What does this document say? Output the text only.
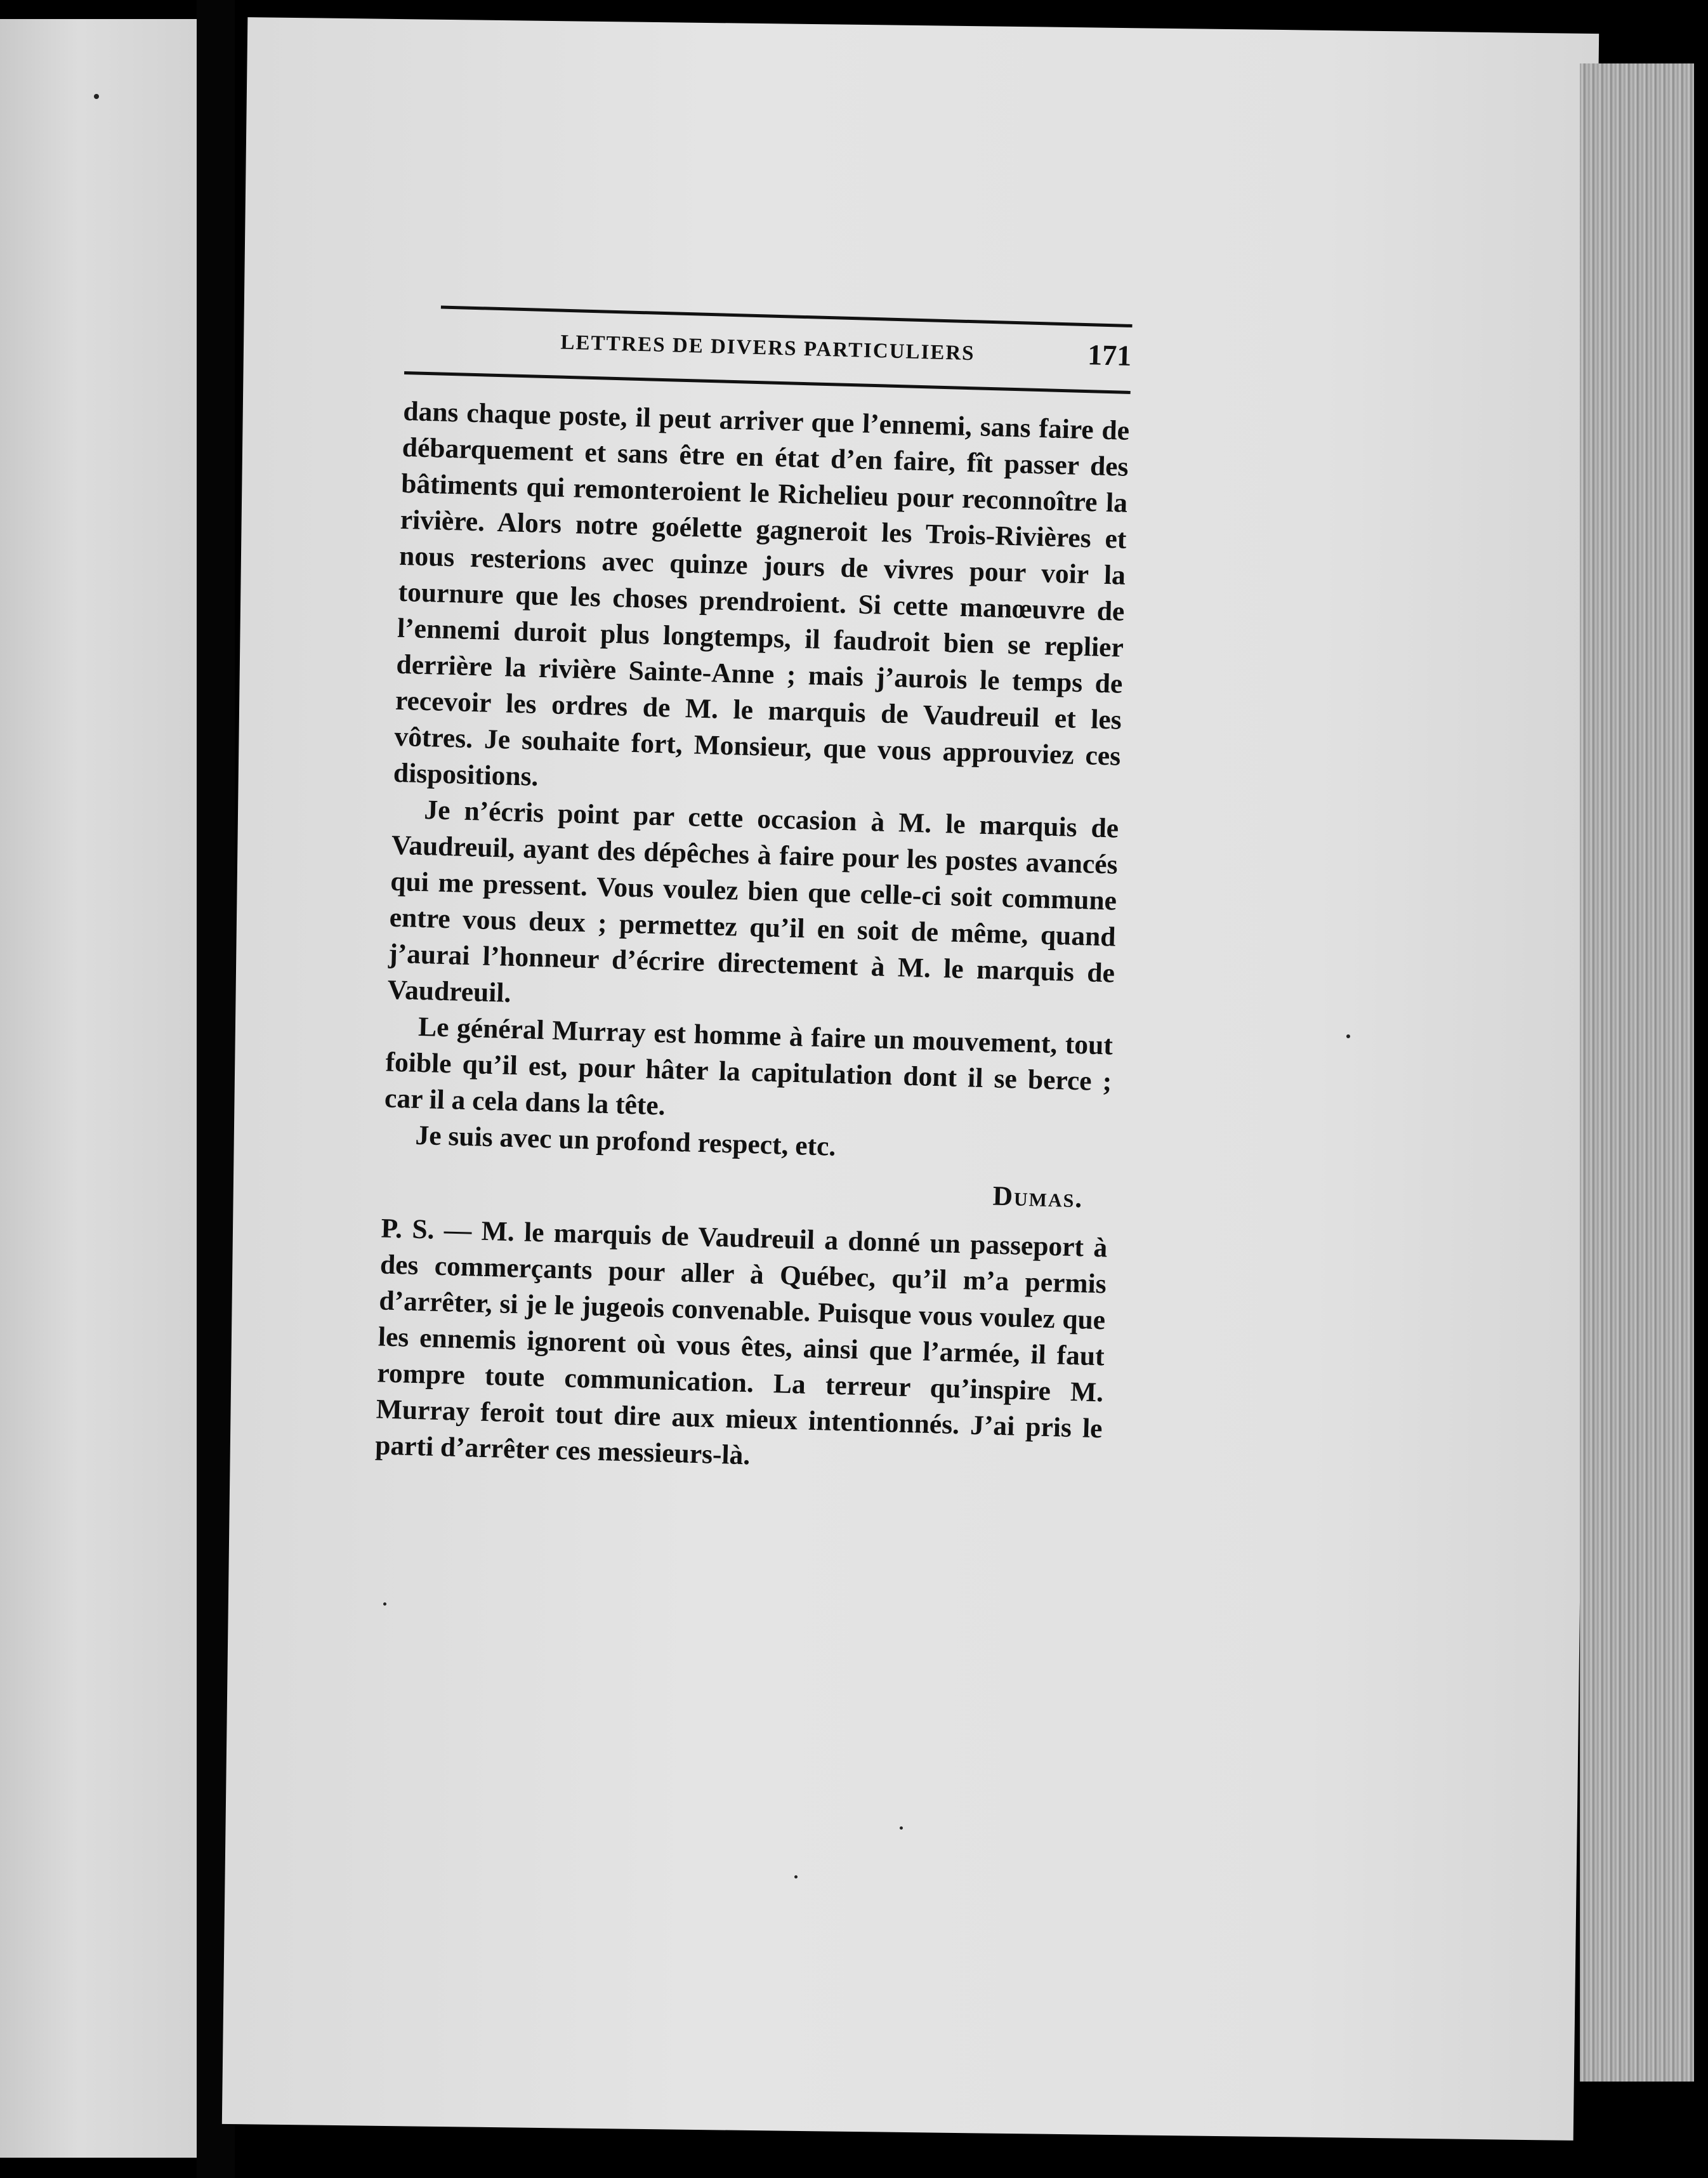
LETTRES DE DIVERS PARTICULIERS	171

dans chaque poste, il peut arriver que l’ennemi, sans faire de débarquement et sans être en état d’en faire, fît passer des bâtiments qui remonteroient le Richelieu pour reconnoître la rivière. Alors notre goélette gagneroit les Trois-Rivières et nous resterions avec quinze jours de vivres pour voir la tournure que les choses prendroient. Si cette manœuvre de l’ennemi duroit plus longtemps, il faudroit bien se replier derrière la rivière Sainte-Anne ; mais j’aurois le temps de recevoir les ordres de M. le marquis de Vaudreuil et les vôtres. Je souhaite fort, Monsieur, que vous approuviez ces dispositions.

Je n’écris point par cette occasion à M. le marquis de Vaudreuil, ayant des dépêches à faire pour les postes avancés qui me pressent. Vous voulez bien que celle-ci soit commune entre vous deux ; permettez qu’il en soit de même, quand j’aurai l’honneur d’écrire directement à M. le marquis de Vaudreuil.

Le général Murray est homme à faire un mouvement, tout foible qu’il est, pour hâter la capitulation dont il se berce ; car il a cela dans la tête.

Je suis avec un profond respect, etc.

Dumas.

P. S. — M. le marquis de Vaudreuil a donné un passeport à des commerçants pour aller à Québec, qu’il m’a permis d’arrêter, si je le jugeois convenable. Puisque vous voulez que les ennemis ignorent où vous êtes, ainsi que l’armée, il faut rompre toute communication. La terreur qu’inspire M. Murray feroit tout dire aux mieux intentionnés. J’ai pris le parti d’arrêter ces messieurs-là.
